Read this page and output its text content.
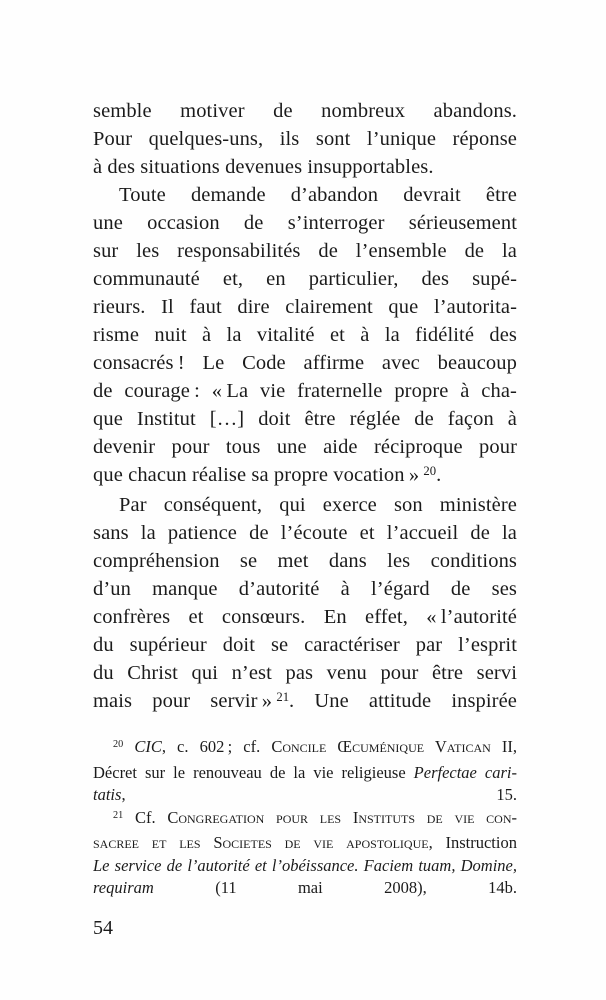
semble motiver de nombreux abandons.
Pour quelques-uns, ils sont l’unique réponse
à des situations devenues insupportables.
Toute demande d’abandon devrait être
une occasion de s’interroger sérieusement
sur les responsabilités de l’ensemble de la
communauté et, en particulier, des supé-
rieurs. Il faut dire clairement que l’autorita-
risme nuit à la vitalité et à la fidélité des
consacrés ! Le Code affirme avec beaucoup
de courage : « La vie fraternelle propre à cha-
que Institut […] doit être réglée de façon à
devenir pour tous une aide réciproque pour
que chacun réalise sa propre vocation » $^{20}$.
Par conséquent, qui exerce son ministère
sans la patience de l’écoute et l’accueil de la
compréhension se met dans les conditions
d’un manque d’autorité à l’égard de ses
confrères et consœurs. En effet, « l’autorité
du supérieur doit se caractériser par l’esprit
du Christ qui n’est pas venu pour être servi
mais pour servir » $^{21}$. Une attitude inspirée
$^{20}$ CIC, c. 602 ; cf. Concile Œcuménique Vatican II,
Décret sur le renouveau de la vie religieuse Perfectae cari-
tatis, 15.
$^{21}$ Cf. Congregation pour les Instituts de vie con-
sacree et les Societes de vie apostolique, Instruction
Le service de l’autorité et l’obéissance. Faciem tuam, Domine,
requiram (11 mai 2008), 14b.
54
